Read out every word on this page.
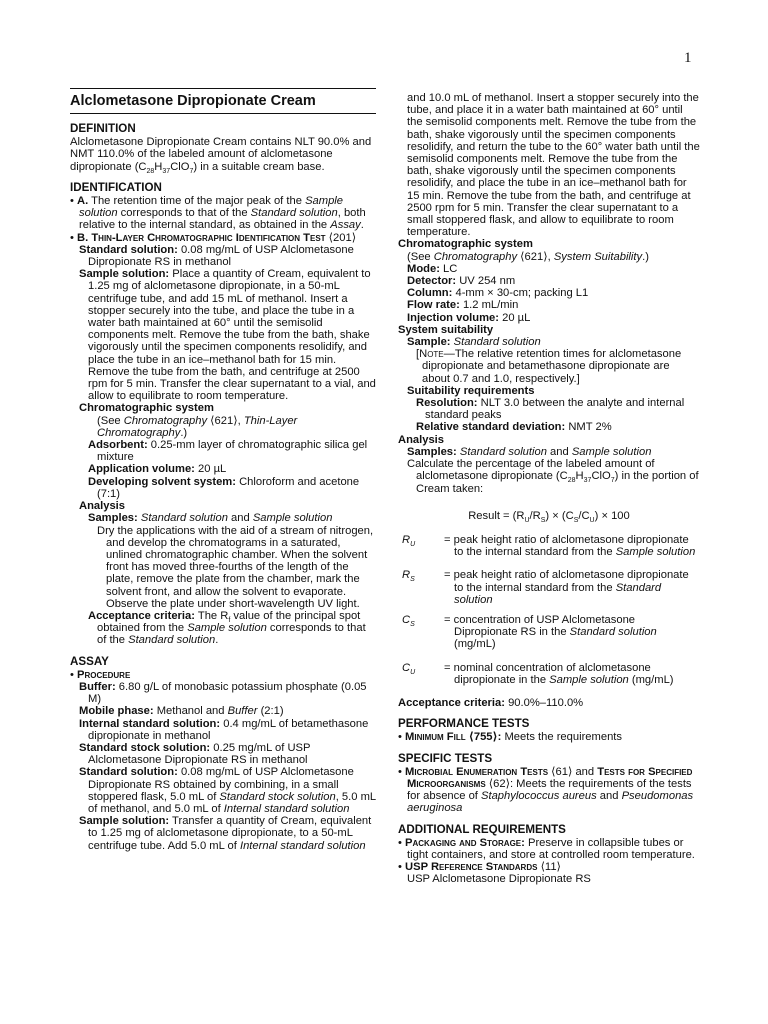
1
Alclometasone Dipropionate Cream
DEFINITION

Alclometasone Dipropionate Cream contains NLT 90.0% and NMT 110.0% of the labeled amount of alclometasone dipropionate $(C_{28}H_{37}ClO_7)$ in a suitable cream base.

IDENTIFICATION

• A. The retention time of the major peak of the Sample solution corresponds to that of the Standard solution, both relative to the internal standard, as obtained in the Assay.

• B. Thin-Layer Chromatographic Identification Test ⟨201⟩

Standard solution: 0.08 mg/mL of USP Alclometasone Dipropionate RS in methanol

Sample solution: Place a quantity of Cream, equivalent to 1.25 mg of alclometasone dipropionate, in a 50-mL centrifuge tube, and add 15 mL of methanol. Insert a stopper securely into the tube, and place the tube in a water bath maintained at 60° until the semisolid components melt. Remove the tube from the bath, shake vigorously until the specimen components resolidify, and place the tube in an ice–methanol bath for 15 min. Remove the tube from the bath, and centrifuge at 2500 rpm for 5 min. Transfer the clear supernatant to a vial, and allow to equilibrate to room temperature.

Chromatographic system

(See Chromatography ⟨621⟩, Thin-Layer Chromatography.)

Adsorbent: 0.25-mm layer of chromatographic silica gel mixture

Application volume: 20 µL

Developing solvent system: Chloroform and acetone (7:1)

Analysis

Samples: Standard solution and Sample solution

Dry the applications with the aid of a stream of nitrogen, and develop the chromatograms in a saturated, unlined chromatographic chamber. When the solvent front has moved three-fourths of the length of the plate, remove the plate from the chamber, mark the solvent front, and allow the solvent to evaporate. Observe the plate under short-wavelength UV light.

Acceptance criteria: The $R_f$ value of the principal spot obtained from the Sample solution corresponds to that of the Standard solution.

ASSAY

• Procedure

Buffer: 6.80 g/L of monobasic potassium phosphate (0.05 M)

Mobile phase: Methanol and Buffer (2:1)

Internal standard solution: 0.4 mg/mL of betamethasone dipropionate in methanol

Standard stock solution: 0.25 mg/mL of USP Alclometasone Dipropionate RS in methanol

Standard solution: 0.08 mg/mL of USP Alclometasone Dipropionate RS obtained by combining, in a small stoppered flask, 5.0 mL of Standard stock solution, 5.0 mL of methanol, and 5.0 mL of Internal standard solution

Sample solution: Transfer a quantity of Cream, equivalent to 1.25 mg of alclometasone dipropionate, to a 50-mL centrifuge tube. Add 5.0 mL of Internal standard solution

and 10.0 mL of methanol. Insert a stopper securely into the tube, and place it in a water bath maintained at 60° until the semisolid components melt. Remove the tube from the bath, shake vigorously until the specimen components resolidify, and return the tube to the 60° water bath until the semisolid components melt. Remove the tube from the bath, shake vigorously until the specimen components resolidify, and place the tube in an ice–methanol bath for 15 min. Remove the tube from the bath, and centrifuge at 2500 rpm for 5 min. Transfer the clear supernatant to a small stoppered flask, and allow to equilibrate to room temperature.

Chromatographic system

(See Chromatography ⟨621⟩, System Suitability.)

Mode: LC

Detector: UV 254 nm

Column: 4-mm × 30-cm; packing L1

Flow rate: 1.2 mL/min

Injection volume: 20 µL

System suitability

Sample: Standard solution

[Note—The relative retention times for alclometasone dipropionate and betamethasone dipropionate are about 0.7 and 1.0, respectively.]

Suitability requirements

Resolution: NLT 3.0 between the analyte and internal standard peaks

Relative standard deviation: NMT 2%

Analysis

Samples: Standard solution and Sample solution

Calculate the percentage of the labeled amount of alclometasone dipropionate $(C_{28}H_{37}ClO_7)$ in the portion of Cream taken:

Result = $(R_U/R_S) \times (C_S/C_U) \times 100$
$R_U$	= peak height ratio of alclometasone dipropionate to the internal standard from the Sample solution
$R_S$	= peak height ratio of alclometasone dipropionate to the internal standard from the Standard solution
$C_S$	= concentration of USP Alclometasone Dipropionate RS in the Standard solution (mg/mL)
$C_U$	= nominal concentration of alclometasone dipropionate in the Sample solution (mg/mL)

Acceptance criteria: 90.0%–110.0%

PERFORMANCE TESTS

• Minimum Fill ⟨755⟩: Meets the requirements

SPECIFIC TESTS

• Microbial Enumeration Tests ⟨61⟩ and Tests for Specified Microorganisms ⟨62⟩: Meets the requirements of the tests for absence of Staphylococcus aureus and Pseudomonas aeruginosa

ADDITIONAL REQUIREMENTS

• Packaging and Storage: Preserve in collapsible tubes or tight containers, and store at controlled room temperature.

• USP Reference Standards ⟨11⟩

USP Alclometasone Dipropionate RS
